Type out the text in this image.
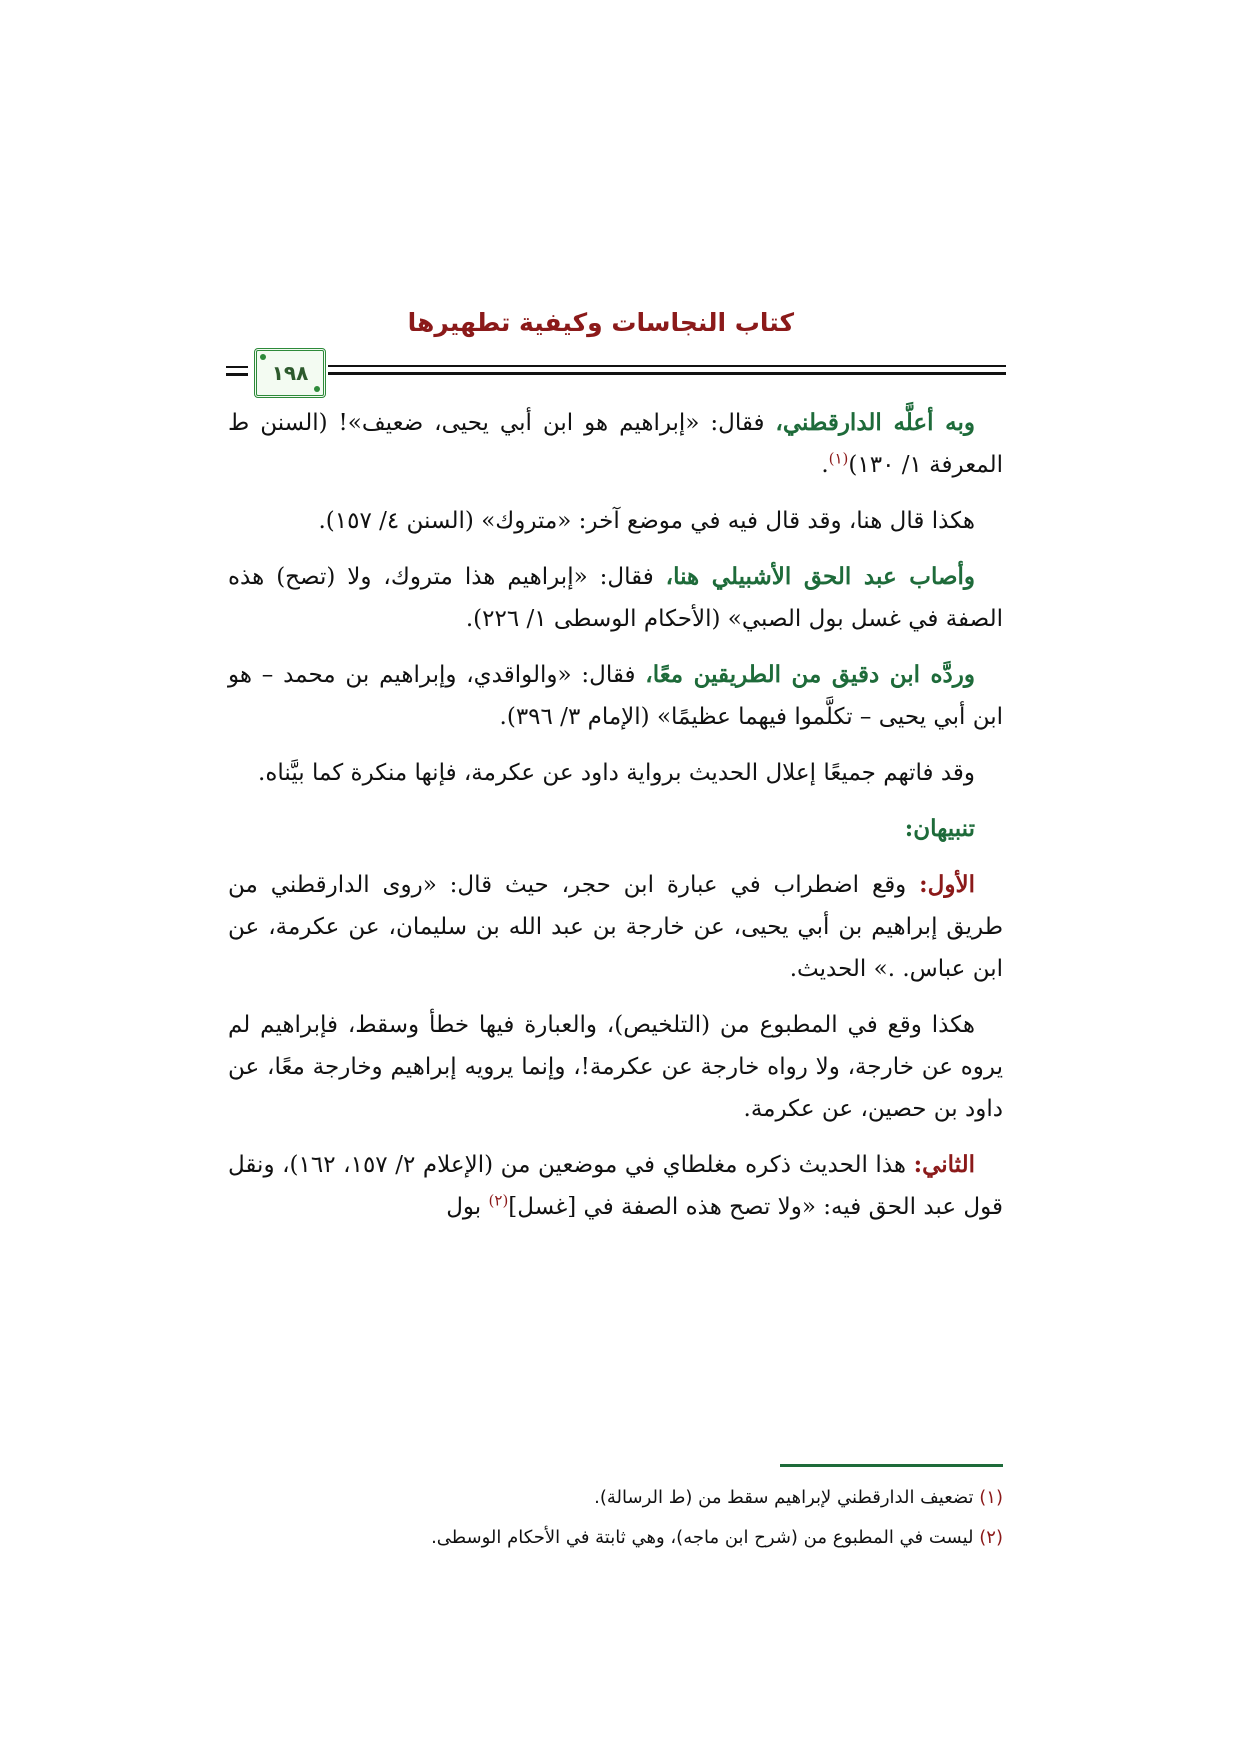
كتاب النجاسات وكيفية تطهيرها
١٩٨

وبه أعلَّه الدارقطني، فقال: «إبراهيم هو ابن أبي يحيى، ضعيف»! (السنن ط المعرفة ١/ ١٣٠)$^{(١)}$.

هكذا قال هنا، وقد قال فيه في موضع آخر: «متروك» (السنن ٤/ ١٥٧).

وأصاب عبد الحق الأشبيلي هنا، فقال: «إبراهيم هذا متروك، ولا (تصح) هذه الصفة في غسل بول الصبي» (الأحكام الوسطى ١/ ٢٢٦).

وردَّه ابن دقيق من الطريقين معًا، فقال: «والواقدي، وإبراهيم بن محمد – هو ابن أبي يحيى – تكلَّموا فيهما عظيمًا» (الإمام ٣/ ٣٩٦).

وقد فاتهم جميعًا إعلال الحديث برواية داود عن عكرمة، فإنها منكرة كما بيَّناه.

تنبيهان:

الأول: وقع اضطراب في عبارة ابن حجر، حيث قال: «روى الدارقطني من طريق إبراهيم بن أبي يحيى، عن خارجة بن عبد الله بن سليمان، عن عكرمة، عن ابن عباس. .» الحديث.

هكذا وقع في المطبوع من (التلخيص)، والعبارة فيها خطأ وسقط، فإبراهيم لم يروه عن خارجة، ولا رواه خارجة عن عكرمة!، وإنما يرويه إبراهيم وخارجة معًا، عن داود بن حصين، عن عكرمة.

الثاني: هذا الحديث ذكره مغلطاي في موضعين من (الإعلام ٢/ ١٥٧، ١٦٢)، ونقل قول عبد الحق فيه: «ولا تصح هذه الصفة في [غسل]$^{(٢)}$ بول

(١) تضعيف الدارقطني لإبراهيم سقط من (ط الرسالة).

(٢) ليست في المطبوع من (شرح ابن ماجه)، وهي ثابتة في الأحكام الوسطى.
